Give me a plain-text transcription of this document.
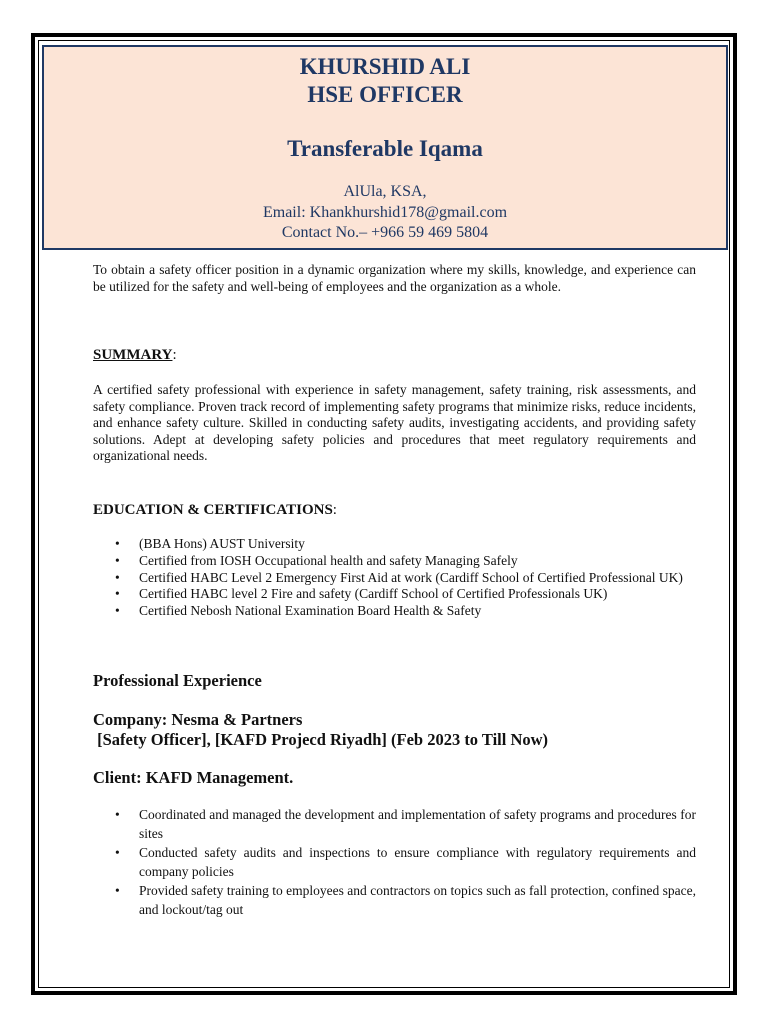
KHURSHID ALI
HSE OFFICER
Transferable Iqama
AlUla, KSA,
Email: Khankhurshid178@gmail.com
Contact No.– +966 59 469 5804

To obtain a safety officer position in a dynamic organization where my skills, knowledge, and experience can be utilized for the safety and well-being of employees and the organization as a whole.

SUMMARY:

A certified safety professional with experience in safety management, safety training, risk assessments, and safety compliance. Proven track record of implementing safety programs that minimize risks, reduce incidents, and enhance safety culture. Skilled in conducting safety audits, investigating accidents, and providing safety solutions. Adept at developing safety policies and procedures that meet regulatory requirements and organizational needs.

EDUCATION & CERTIFICATIONS:

• (BBA Hons) AUST University
• Certified from IOSH Occupational health and safety Managing Safely
• Certified HABC Level 2 Emergency First Aid at work (Cardiff School of Certified Professional UK)
• Certified HABC level 2 Fire and safety (Cardiff School of Certified Professionals UK)
• Certified Nebosh National Examination Board Health & Safety

Professional Experience

Company: Nesma & Partners

[Safety Officer], [KAFD Projecd Riyadh] (Feb 2023 to Till Now)

Client: KAFD Management.

• Coordinated and managed the development and implementation of safety programs and procedures for sites
• Conducted safety audits and inspections to ensure compliance with regulatory requirements and company policies
• Provided safety training to employees and contractors on topics such as fall protection, confined space, and lockout/tag out
